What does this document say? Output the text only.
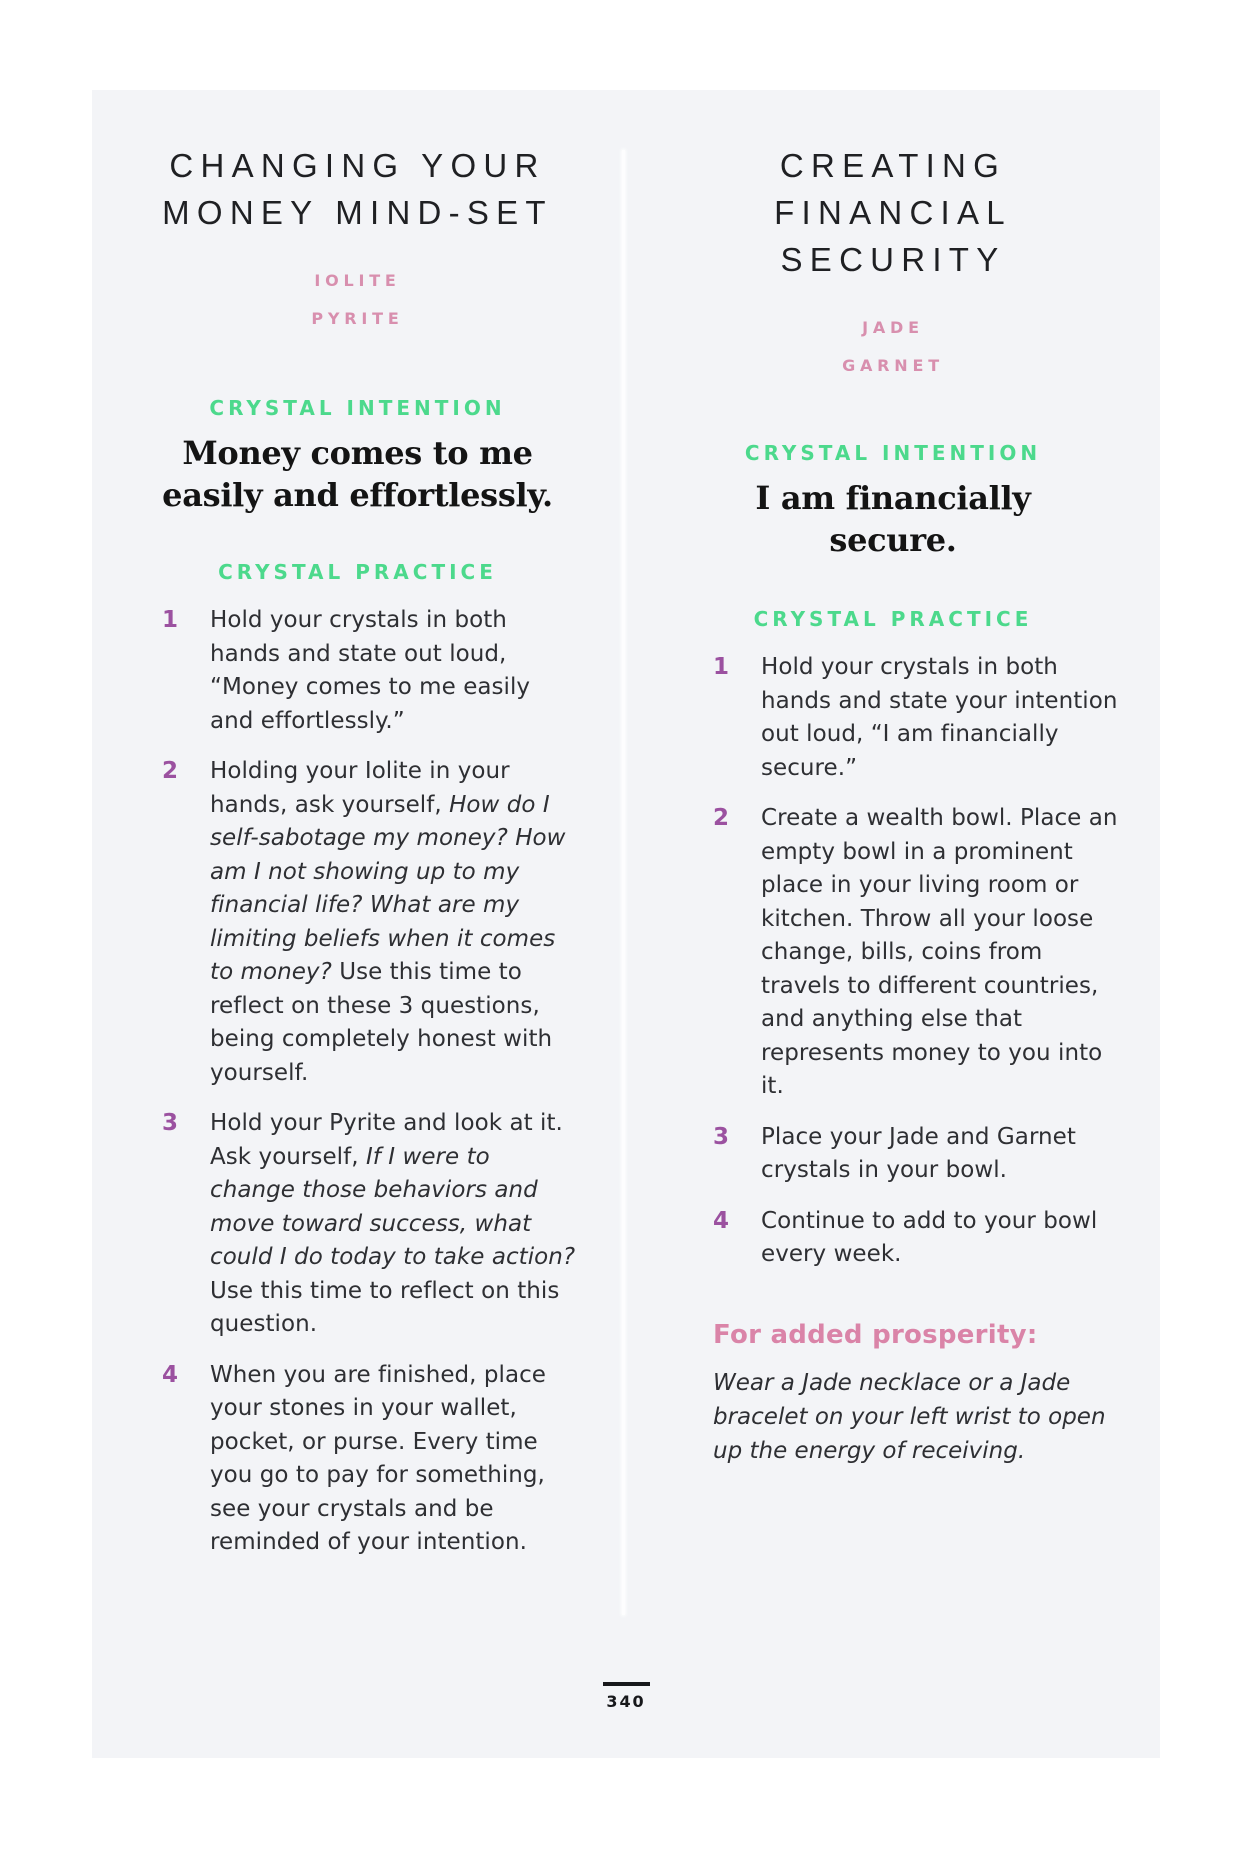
CHANGING YOUR
MONEY MIND-SET
IOLITE
PYRITE
CRYSTAL INTENTION
Money comes to me easily and effortlessly.
CRYSTAL PRACTICE
1	Hold your crystals in both hands and state out loud, “Money comes to me easily and effortlessly.”
2	Holding your Iolite in your hands, ask yourself, How do I self-sabotage my money? How am I not showing up to my financial life? What are my limiting beliefs when it comes to money? Use this time to reflect on these 3 questions, being completely honest with yourself.
3	Hold your Pyrite and look at it. Ask yourself, If I were to change those behaviors and move toward success, what could I do today to take action? Use this time to reflect on this question.
4	When you are finished, place your stones in your wallet, pocket, or purse. Every time you go to pay for something, see your crystals and be reminded of your intention.
CREATING
FINANCIAL
SECURITY
JADE
GARNET
CRYSTAL INTENTION
I am financially secure.
CRYSTAL PRACTICE
1	Hold your crystals in both hands and state your intention out loud, “I am financially secure.”
2	Create a wealth bowl. Place an empty bowl in a prominent place in your living room or kitchen. Throw all your loose change, bills, coins from travels to different countries, and anything else that represents money to you into it.
3	Place your Jade and Garnet crystals in your bowl.
4	Continue to add to your bowl every week.
For added prosperity:
Wear a Jade necklace or a Jade bracelet on your left wrist to open up the energy of receiving.
340
